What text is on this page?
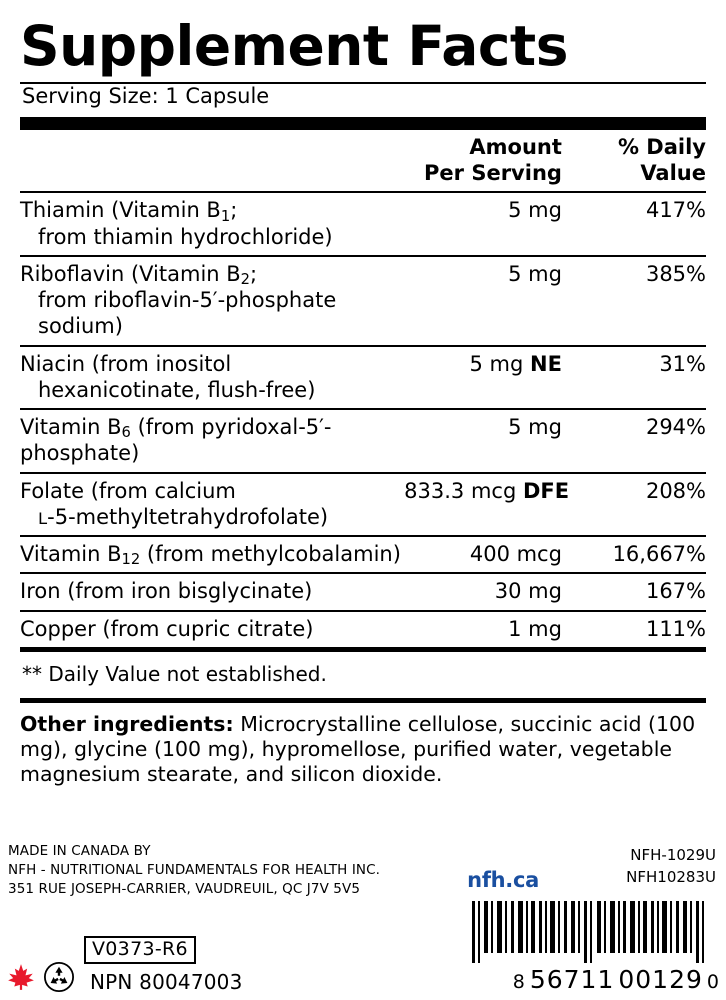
Supplement Facts
Serving Size: 1 Capsule

Amount
Per Serving

% Daily
Value

Thiamin (Vitamin $B_1$;
from thiamin hydrochloride)	5 mg	417%
Riboflavin (Vitamin $B_2$;
from riboflavin-5′-phosphate sodium)	5 mg	385%
Niacin (from inositol
hexanicotinate, flush-free)	5 mg NE	31%
Vitamin $B_6$ (from pyridoxal-5′-phosphate)	5 mg	294%
Folate (from calcium
L-5-methyltetrahydrofolate)	833.3 mcg DFE	208%
Vitamin $B_{12}$ (from methylcobalamin)	400 mcg	16,667%
Iron (from iron bisglycinate)	30 mg	167%
Copper (from cupric citrate)	1 mg	111%
** Daily Value not established.
Other ingredients: Microcrystalline cellulose, succinic acid (100 mg), glycine (100 mg), hypromellose, purified water, vegetable magnesium stearate, and silicon dioxide.
MADE IN CANADA BY
NFH - NUTRITIONAL FUNDAMENTALS FOR HEALTH INC.
351 RUE JOSEPH-CARRIER, VAUDREUIL, QC J7V 5V5	nfh.ca
NFH-1029U
NFH10283U
V0373-R6
NPN 80047003	8 56711 00129 0
